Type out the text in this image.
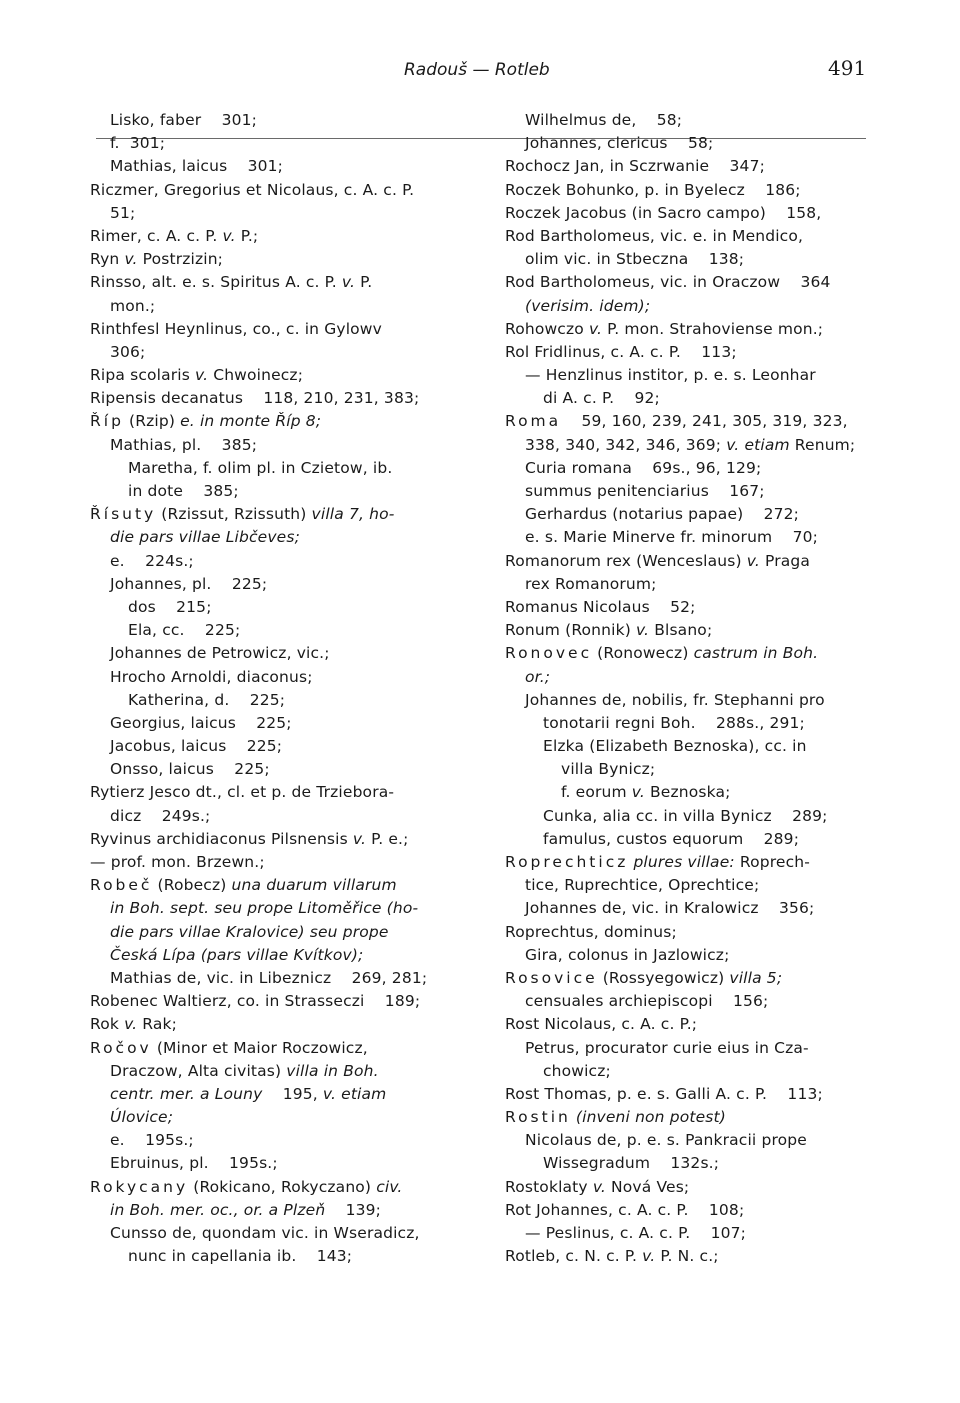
Radouš — Rotleb	491
Lisko, faber    301;
f.  301;
Mathias, laicus    301;
Riczmer, Gregorius et Nicolaus, c. A. c. P.
51;
Rimer, c. A. c. P. v. P.;
Ryn v. Postrzizin;
Rinsso, alt. e. s. Spiritus A. c. P. v. P.
mon.;
Rinthfesl Heynlinus, co., c. in Gylowv
306;
Ripa scolaris v. Chwoinecz;
Ripensis decanatus    118, 210, 231, 383;
Říp (Rzip) e. in monte Říp 8;
Mathias, pl.    385;
Maretha, f. olim pl. in Czietow, ib.
in dote    385;
Řísuty (Rzissut, Rzissuth) villa 7, ho-
die pars villae Libčeves;
e.    224s.;
Johannes, pl.    225;
dos    215;
Ela, cc.    225;
Johannes de Petrowicz, vic.;
Hrocho Arnoldi, diaconus;
Katherina, d.    225;
Georgius, laicus    225;
Jacobus, laicus    225;
Onsso, laicus    225;
Rytierz Jesco dt., cl. et p. de Trziebora-
dicz    249s.;
Ryvinus archidiaconus Pilsnensis v. P. e.;
— prof. mon. Brzewn.;
Robeč (Robecz) una duarum villarum
in Boh. sept. seu prope Litoměřice (ho-
die pars villae Kralovice) seu prope
Česká Lípa (pars villae Kvítkov);
Mathias de, vic. in Libeznicz    269, 281;
Robenec Waltierz, co. in Strasseczi    189;
Rok v. Rak;
Ročov (Minor et Maior Roczowicz,
Draczow, Alta civitas) villa in Boh.
centr. mer. a Louny    195, v. etiam
Úlovice;
e.    195s.;
Ebruinus, pl.    195s.;
Rokycany (Rokicano, Rokyczano) civ.
in Boh. mer. oc., or. a Plzeň    139;
Cunsso de, quondam vic. in Wseradicz,
nunc in capellania ib.    143;
Wilhelmus de,    58;
Johannes, clericus    58;
Rochocz Jan, in Sczrwanie    347;
Roczek Bohunko, p. in Byelecz    186;
Roczek Jacobus (in Sacro campo)    158,
Rod Bartholomeus, vic. e. in Mendico,
olim vic. in Stbeczna    138;
Rod Bartholomeus, vic. in Oraczow    364
(verisim. idem);
Rohowczo v. P. mon. Strahoviense mon.;
Rol Fridlinus, c. A. c. P.    113;
— Henzlinus institor, p. e. s. Leonhar
di A. c. P.    92;
Roma    59, 160, 239, 241, 305, 319, 323,
338, 340, 342, 346, 369; v. etiam Renum;
Curia romana    69s., 96, 129;
summus penitenciarius    167;
Gerhardus (notarius papae)    272;
e. s. Marie Minerve fr. minorum    70;
Romanorum rex (Wenceslaus) v. Praga
rex Romanorum;
Romanus Nicolaus    52;
Ronum (Ronnik) v. Blsano;
Ronovec (Ronowecz) castrum in Boh.
or.;
Johannes de, nobilis, fr. Stephanni pro
tonotarii regni Boh.    288s., 291;
Elzka (Elizabeth Beznoska), cc. in
villa Bynicz;
f. eorum v. Beznoska;
Cunka, alia cc. in villa Bynicz    289;
famulus, custos equorum    289;
Roprechticz plures villae: Roprech-
tice, Ruprechtice, Oprechtice;
Johannes de, vic. in Kralowicz    356;
Roprechtus, dominus;
Gira, colonus in Jazlowicz;
Rosovice (Rossyegowicz) villa 5;
censuales archiepiscopi    156;
Rost Nicolaus, c. A. c. P.;
Petrus, procurator curie eius in Cza-
chowicz;
Rost Thomas, p. e. s. Galli A. c. P.    113;
Rostin (inveni non potest)
Nicolaus de, p. e. s. Pankracii prope
Wissegradum    132s.;
Rostoklaty v. Nová Ves;
Rot Johannes, c. A. c. P.    108;
— Peslinus, c. A. c. P.    107;
Rotleb, c. N. c. P. v. P. N. c.;
